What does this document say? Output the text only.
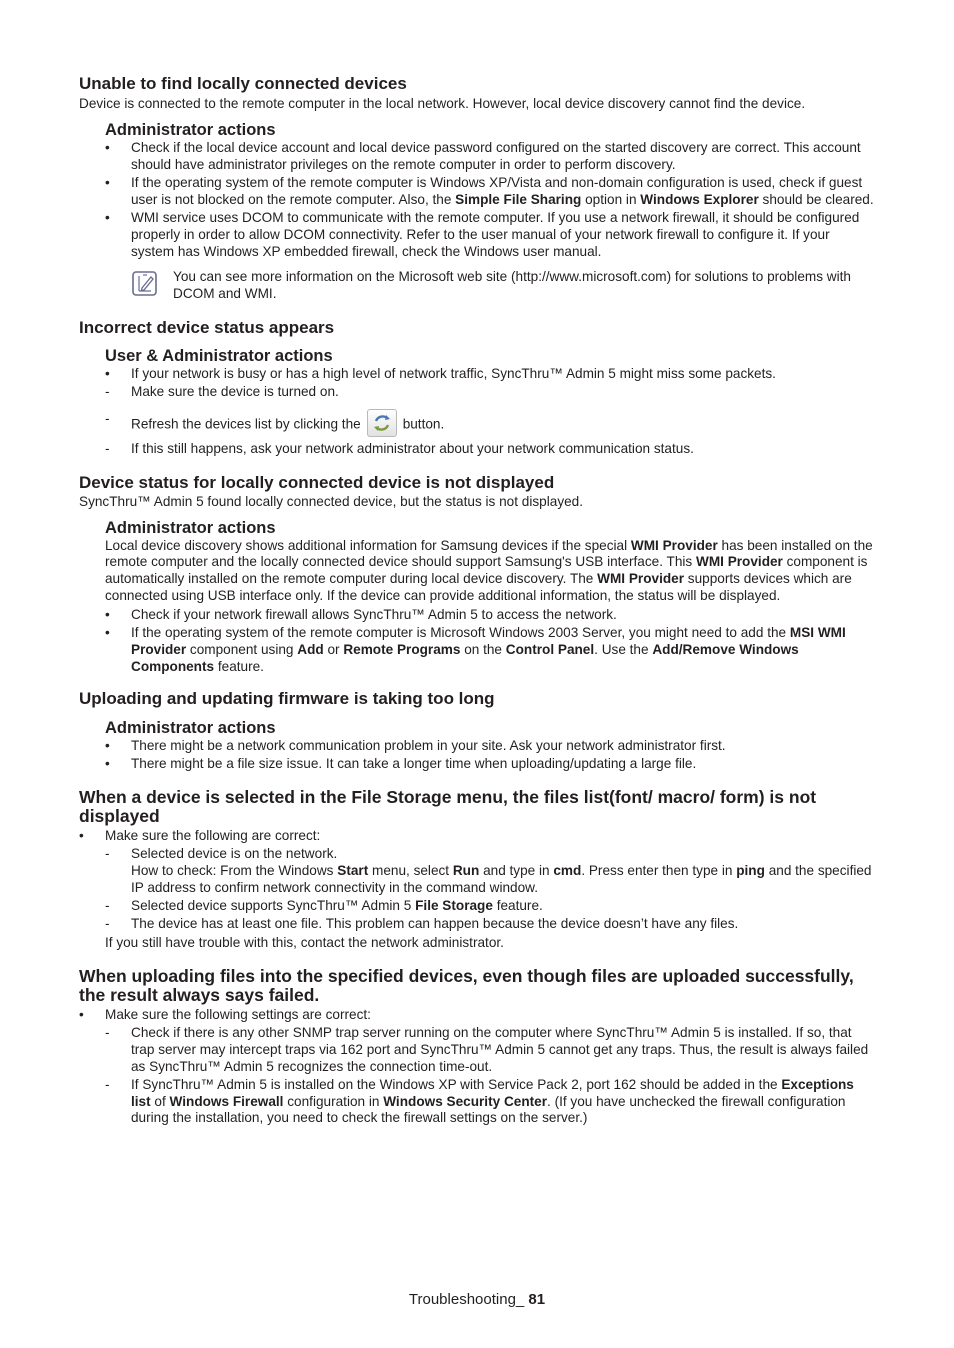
Unable to find locally connected devices

Device is connected to the remote computer in the local network. However, local device discovery cannot find the device.

Administrator actions
• Check if the local device account and local device password configured on the started discovery are correct. This account should have administrator privileges on the remote computer in order to perform discovery.
• If the operating system of the remote computer is Windows XP/Vista and non-domain configuration is used, check if guest user is not blocked on the remote computer. Also, the Simple File Sharing option in Windows Explorer should be cleared.
• WMI service uses DCOM to communicate with the remote computer. If you use a network firewall, it should be configured properly in order to allow DCOM connectivity. Refer to the user manual of your network firewall to configure it. If your system has Windows XP embedded firewall, check the Windows user manual.
You can see more information on the Microsoft web site (http://www.microsoft.com) for solutions to problems with DCOM and WMI.
Incorrect device status appears
User & Administrator actions
• If your network is busy or has a high level of network traffic, SyncThru™ Admin 5 might miss some packets.
- Make sure the device is turned on.
- Refresh the devices list by clicking the	button.
- If this still happens, ask your network administrator about your network communication status.
Device status for locally connected device is not displayed

SyncThru™ Admin 5 found locally connected device, but the status is not displayed.

Administrator actions

Local device discovery shows additional information for Samsung devices if the special WMI Provider has been installed on the remote computer and the locally connected device should support Samsung's USB interface. This WMI Provider component is automatically installed on the remote computer during local device discovery. The WMI Provider supports devices which are connected using USB interface only. If the device can provide additional information, the status will be displayed.

• Check if your network firewall allows SyncThru™ Admin 5 to access the network.
• If the operating system of the remote computer is Microsoft Windows 2003 Server, you might need to add the MSI WMI Provider component using Add or Remote Programs on the Control Panel. Use the Add/Remove Windows Components feature.
Uploading and updating firmware is taking too long
Administrator actions
• There might be a network communication problem in your site. Ask your network administrator first.
• There might be a file size issue. It can take a longer time when uploading/updating a large file.
When a device is selected in the File Storage menu, the files list(font/ macro/ form) is not displayed
• Make sure the following are correct:
- Selected device is on the network.
How to check: From the Windows Start menu, select Run and type in cmd. Press enter then type in ping and the specified IP address to confirm network connectivity in the command window.
- Selected device supports SyncThru™ Admin 5 File Storage feature.
- The device has at least one file. This problem can happen because the device doesn’t have any files.

If you still have trouble with this, contact the network administrator.

When uploading files into the specified devices, even though files are uploaded successfully, the result always says failed.
• Make sure the following settings are correct:
- Check if there is any other SNMP trap server running on the computer where SyncThru™ Admin 5 is installed. If so, that trap server may intercept traps via 162 port and SyncThru™ Admin 5 cannot get any traps. Thus, the result is always failed as SyncThru™ Admin 5 recognizes the connection time-out.
- If SyncThru™ Admin 5 is installed on the Windows XP with Service Pack 2, port 162 should be added in the Exceptions list of Windows Firewall configuration in Windows Security Center. (If you have unchecked the firewall configuration during the installation, you need to check the firewall settings on the server.)
Troubleshooting_ 81
